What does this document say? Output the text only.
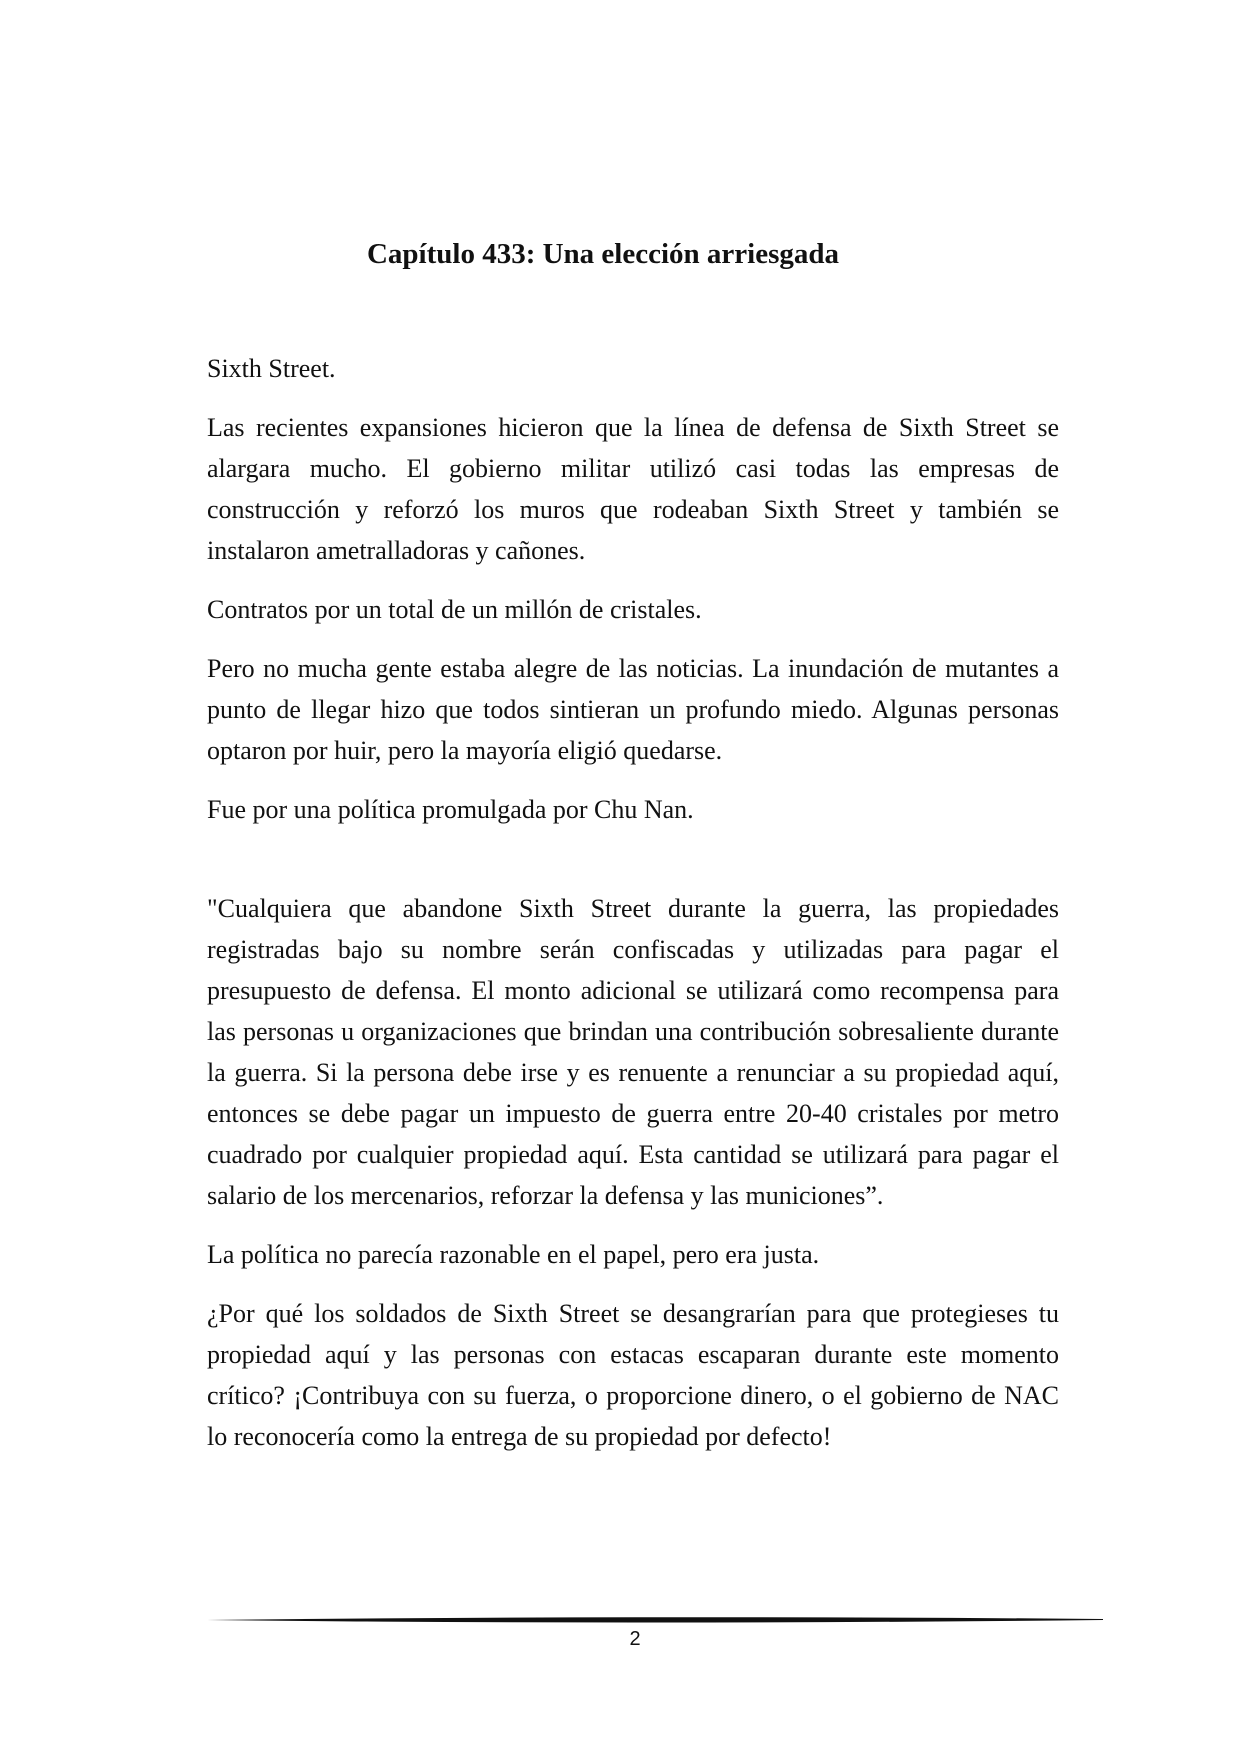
Capítulo 433: Una elección arriesgada

Sixth Street.

Las recientes expansiones hicieron que la línea de defensa de Sixth Street se alargara mucho. El gobierno militar utilizó casi todas las empresas de construcción y reforzó los muros que rodeaban Sixth Street y también se instalaron ametralladoras y cañones.

Contratos por un total de un millón de cristales.

Pero no mucha gente estaba alegre de las noticias. La inundación de mutantes a punto de llegar hizo que todos sintieran un profundo miedo. Algunas personas optaron por huir, pero la mayoría eligió quedarse.

Fue por una política promulgada por Chu Nan.

"Cualquiera que abandone Sixth Street durante la guerra, las propiedades registradas bajo su nombre serán confiscadas y utilizadas para pagar el presupuesto de defensa. El monto adicional se utilizará como recompensa para las personas u organizaciones que brindan una contribución sobresaliente durante la guerra. Si la persona debe irse y es renuente a renunciar a su propiedad aquí, entonces se debe pagar un impuesto de guerra entre 20-40 cristales por metro cuadrado por cualquier propiedad aquí. Esta cantidad se utilizará para pagar el salario de los mercenarios, reforzar la defensa y las municiones”.

La política no parecía razonable en el papel, pero era justa.

¿Por qué los soldados de Sixth Street se desangrarían para que protegieses tu propiedad aquí y las personas con estacas escaparan durante este momento crítico? ¡Contribuya con su fuerza, o proporcione dinero, o el gobierno de NAC lo reconocería como la entrega de su propiedad por defecto!

2
